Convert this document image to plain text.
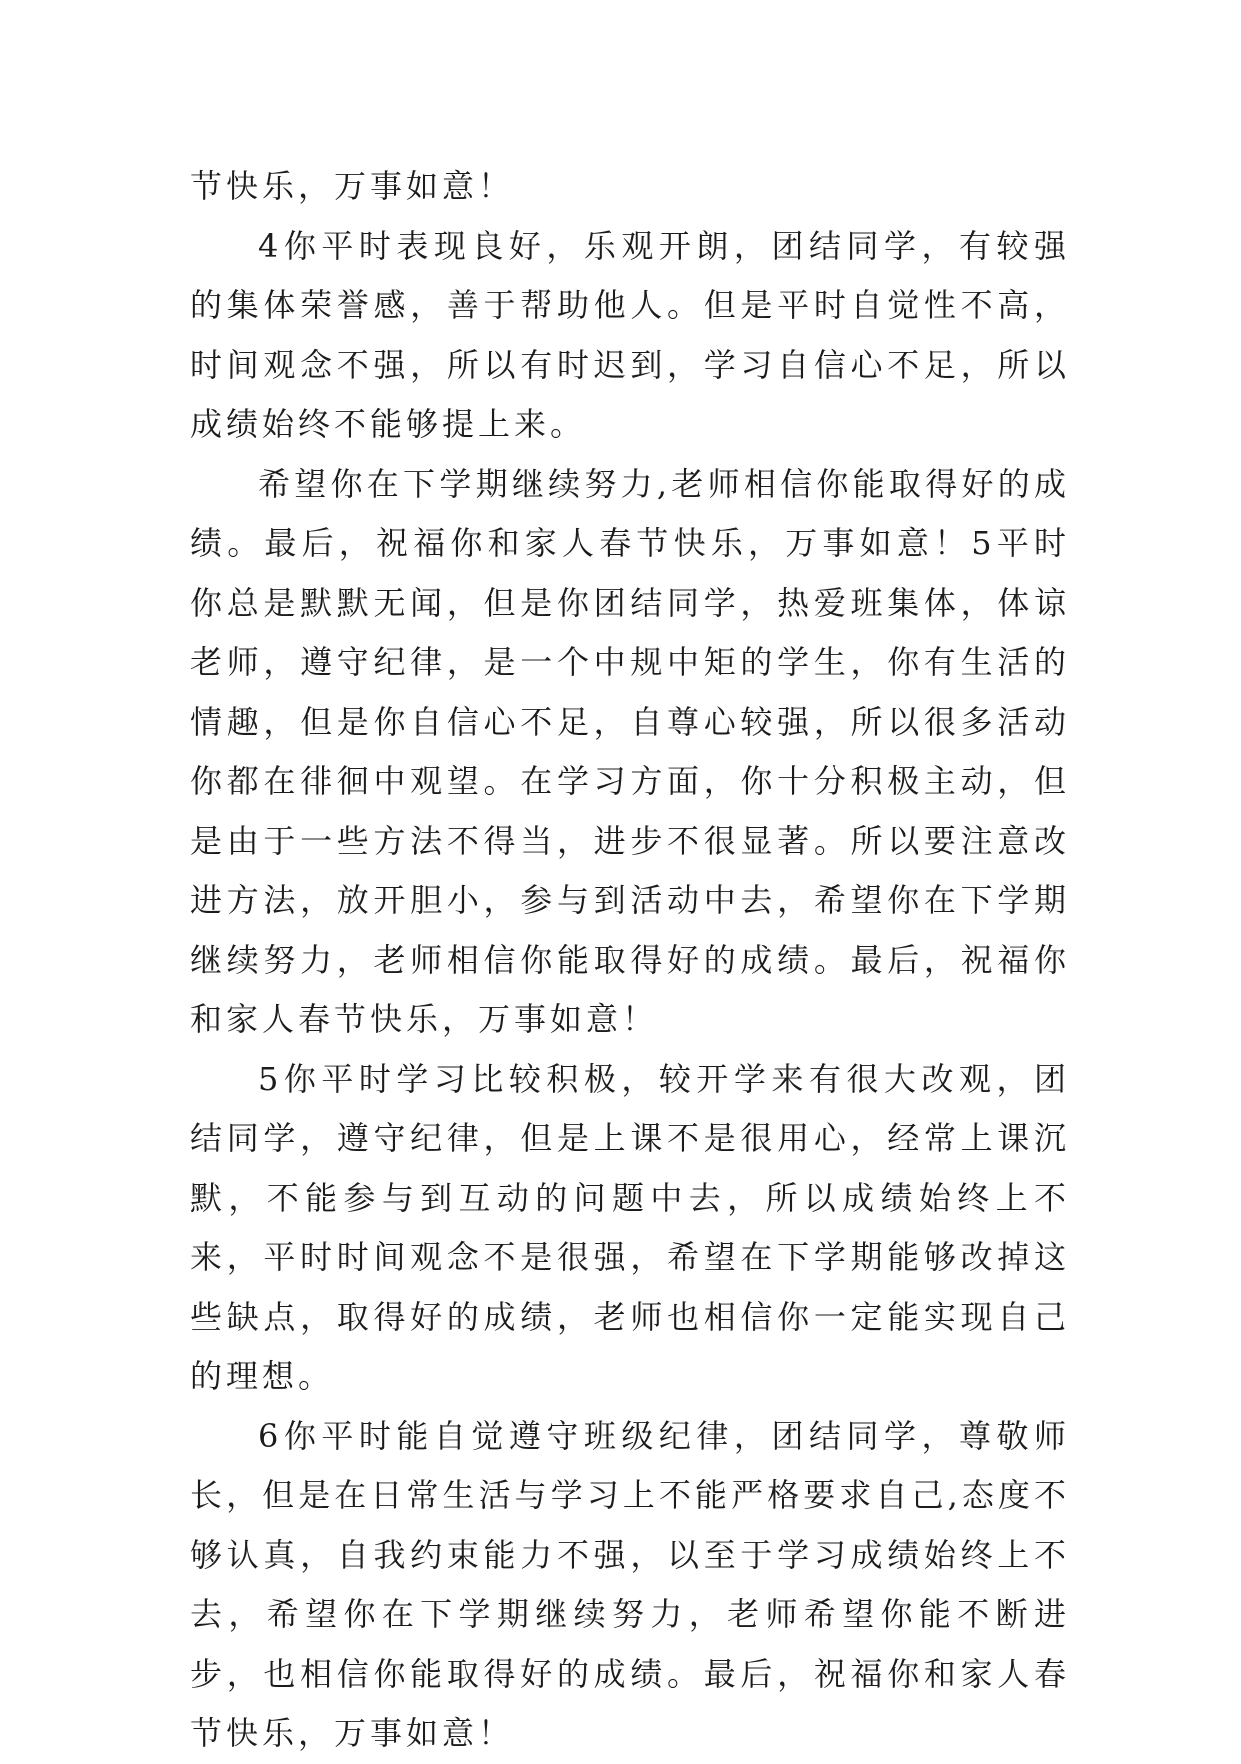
节快乐，万事如意！

4你平时表现良好，乐观开朗，团结同学，有较强的集体荣誉感，善于帮助他人。但是平时自觉性不高，时间观念不强，所以有时迟到，学习自信心不足，所以成绩始终不能够提上来。

希望你在下学期继续努力,老师相信你能取得好的成绩。最后，祝福你和家人春节快乐，万事如意！5平时你总是默默无闻，但是你团结同学，热爱班集体，体谅老师，遵守纪律，是一个中规中矩的学生，你有生活的情趣，但是你自信心不足，自尊心较强，所以很多活动你都在徘徊中观望。在学习方面，你十分积极主动，但是由于一些方法不得当，进步不很显著。所以要注意改进方法，放开胆小，参与到活动中去，希望你在下学期继续努力，老师相信你能取得好的成绩。最后，祝福你和家人春节快乐，万事如意！

5你平时学习比较积极，较开学来有很大改观，团结同学，遵守纪律，但是上课不是很用心，经常上课沉默，不能参与到互动的问题中去，所以成绩始终上不来，平时时间观念不是很强，希望在下学期能够改掉这些缺点，取得好的成绩，老师也相信你一定能实现自己的理想。

6你平时能自觉遵守班级纪律，团结同学，尊敬师长，但是在日常生活与学习上不能严格要求自己,态度不够认真，自我约束能力不强，以至于学习成绩始终上不去，希望你在下学期继续努力，老师希望你能不断进步，也相信你能取得好的成绩。最后，祝福你和家人春节快乐，万事如意！
